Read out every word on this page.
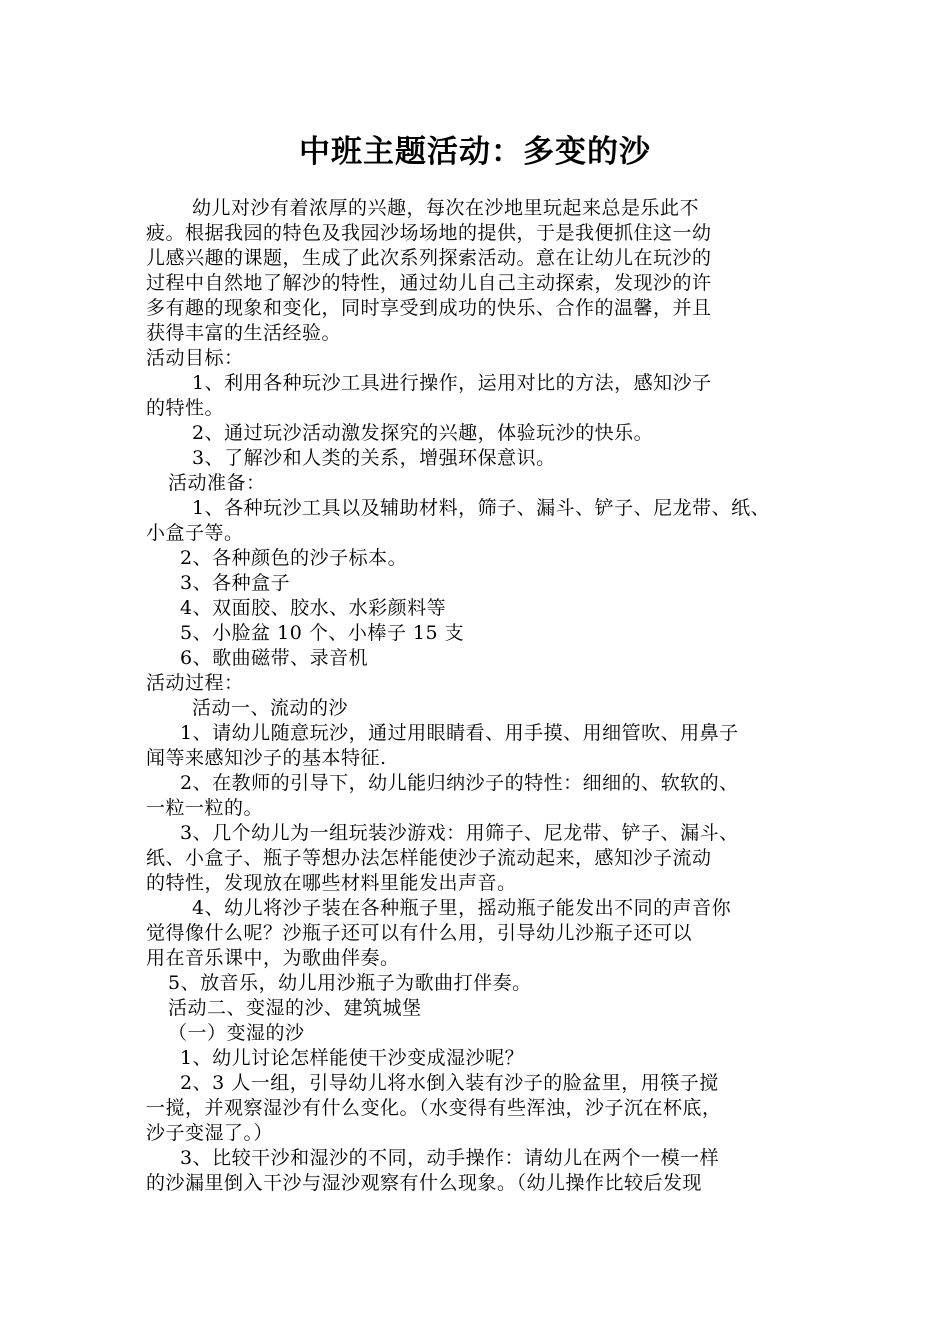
中班主题活动：多变的沙

幼儿对沙有着浓厚的兴趣，每次在沙地里玩起来总是乐此不

疲。根据我园的特色及我园沙场场地的提供，于是我便抓住这一幼

儿感兴趣的课题，生成了此次系列探索活动。意在让幼儿在玩沙的

过程中自然地了解沙的特性，通过幼儿自己主动探索，发现沙的许

多有趣的现象和变化，同时享受到成功的快乐、合作的温馨，并且

获得丰富的生活经验。

活动目标：

1、利用各种玩沙工具进行操作，运用对比的方法，感知沙子

的特性。

2、通过玩沙活动激发探究的兴趣，体验玩沙的快乐。

3、了解沙和人类的关系，增强环保意识。

活动准备：

1、各种玩沙工具以及辅助材料，筛子、漏斗、铲子、尼龙带、纸、

小盒子等。

2、各种颜色的沙子标本。

3、各种盒子

4、双面胶、胶水、水彩颜料等

5、小脸盆 10 个、小棒子 15 支

6、歌曲磁带、录音机

活动过程：

活动一、流动的沙

1、请幼儿随意玩沙，通过用眼睛看、用手摸、用细管吹、用鼻子

闻等来感知沙子的基本特征.

2、在教师的引导下，幼儿能归纳沙子的特性：细细的、软软的、

一粒一粒的。

3、几个幼儿为一组玩装沙游戏：用筛子、尼龙带、铲子、漏斗、

纸、小盒子、瓶子等想办法怎样能使沙子流动起来，感知沙子流动

的特性，发现放在哪些材料里能发出声音。

4、幼儿将沙子装在各种瓶子里，摇动瓶子能发出不同的声音你

觉得像什么呢？沙瓶子还可以有什么用，引导幼儿沙瓶子还可以

用在音乐课中，为歌曲伴奏。

5、放音乐，幼儿用沙瓶子为歌曲打伴奏。

活动二、变湿的沙、建筑城堡

（一）变湿的沙

1、幼儿讨论怎样能使干沙变成湿沙呢？

2、3 人一组，引导幼儿将水倒入装有沙子的脸盆里，用筷子搅

一搅，并观察湿沙有什么变化。（水变得有些浑浊，沙子沉在杯底，

沙子变湿了。）

3、比较干沙和湿沙的不同，动手操作：请幼儿在两个一模一样

的沙漏里倒入干沙与湿沙观察有什么现象。（幼儿操作比较后发现
